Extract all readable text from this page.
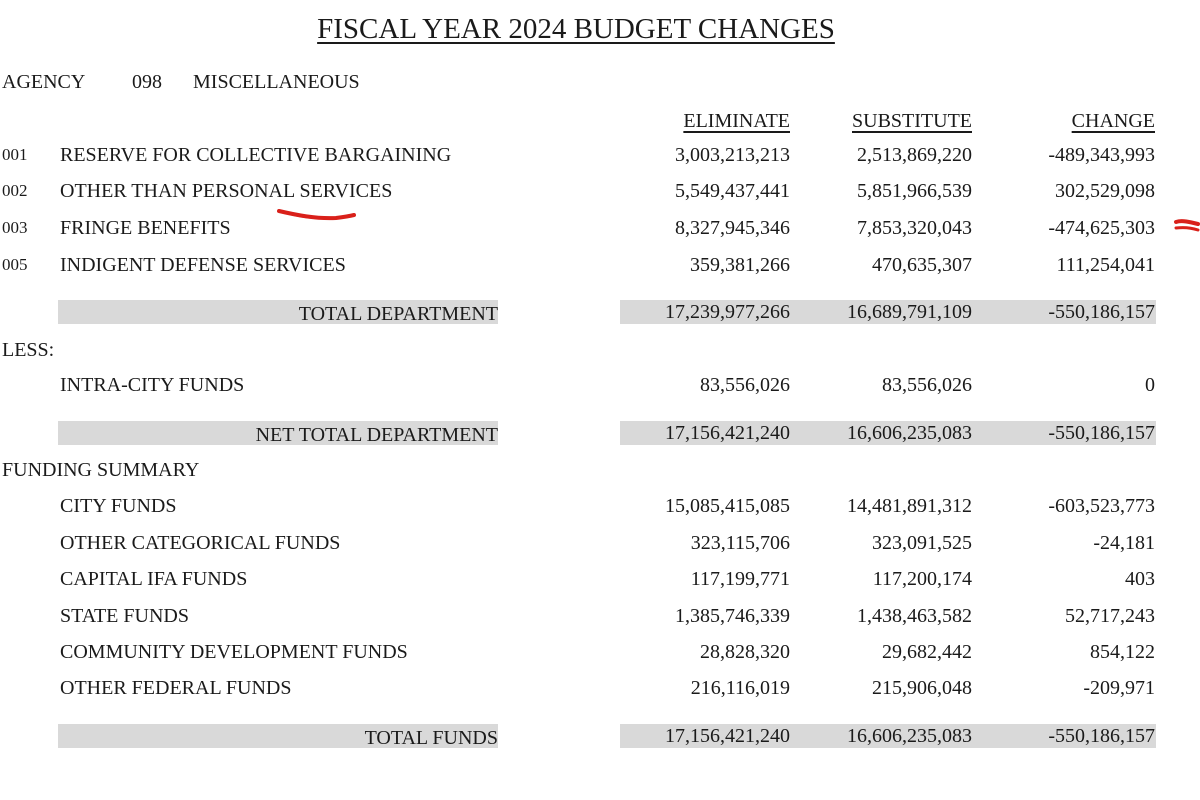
FISCAL YEAR 2024 BUDGET CHANGES
AGENCY 098 MISCELLANEOUS
ELIMINATE	SUBSTITUTE	CHANGE
001 RESERVE FOR COLLECTIVE BARGAINING	3,003,213,213	2,513,869,220	-489,343,993
002 OTHER THAN PERSONAL SERVICES	5,549,437,441	5,851,966,539	302,529,098
003 FRINGE BENEFITS	8,327,945,346	7,853,320,043	-474,625,303
005 INDIGENT DEFENSE SERVICES	359,381,266	470,635,307	111,254,041
TOTAL DEPARTMENT	17,239,977,266	16,689,791,109	-550,186,157
LESS:
INTRA-CITY FUNDS	83,556,026	83,556,026	0
NET TOTAL DEPARTMENT	17,156,421,240	16,606,235,083	-550,186,157
FUNDING SUMMARY
CITY FUNDS	15,085,415,085	14,481,891,312	-603,523,773
OTHER CATEGORICAL FUNDS	323,115,706	323,091,525	-24,181
CAPITAL IFA FUNDS	117,199,771	117,200,174	403
STATE FUNDS	1,385,746,339	1,438,463,582	52,717,243
COMMUNITY DEVELOPMENT FUNDS	28,828,320	29,682,442	854,122
OTHER FEDERAL FUNDS	216,116,019	215,906,048	-209,971
TOTAL FUNDS	17,156,421,240	16,606,235,083	-550,186,157
